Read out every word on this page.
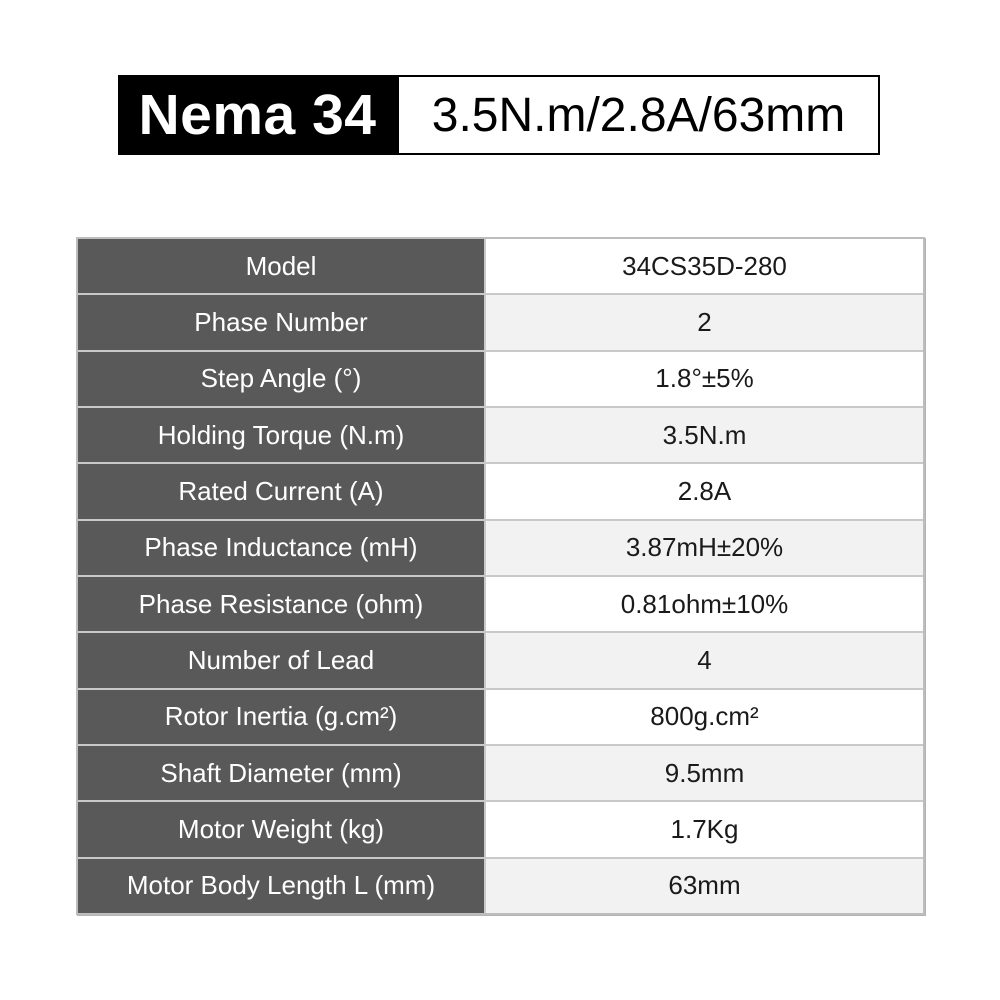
Nema 34	3.5N.m/2.8A/63mm
Model	34CS35D-280
Phase Number	2
Step Angle (°)	1.8°±5%
Holding Torque (N.m)	3.5N.m
Rated Current (A)	2.8A
Phase Inductance (mH)	3.87mH±20%
Phase Resistance (ohm)	0.81ohm±10%
Number of Lead	4
Rotor Inertia (g.cm²)	800g.cm²
Shaft Diameter (mm)	9.5mm
Motor Weight (kg)	1.7Kg
Motor Body Length L (mm)	63mm
